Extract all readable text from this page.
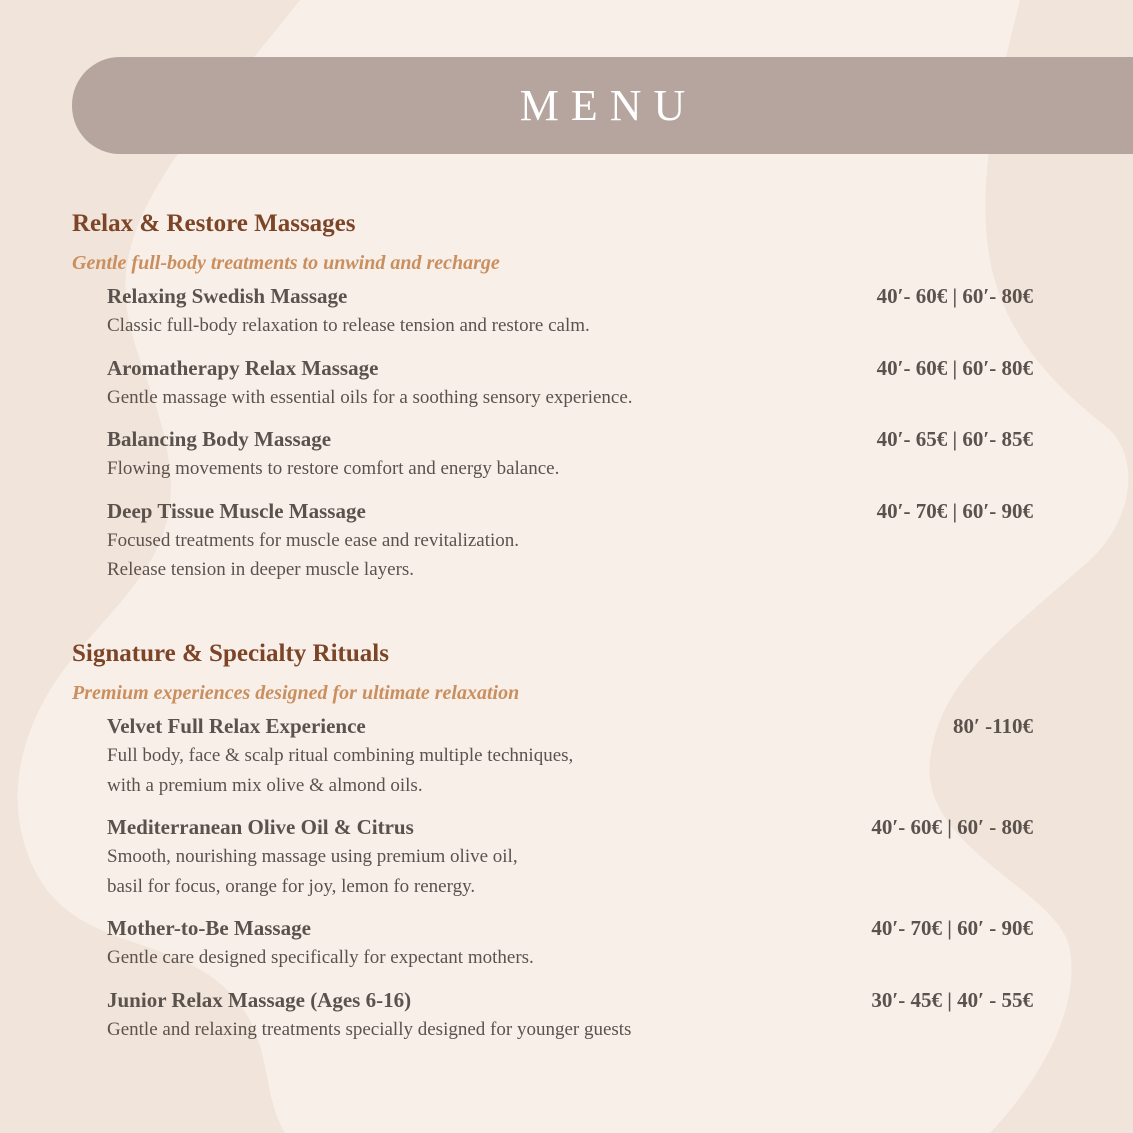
MENU
Relax & Restore Massages
Gentle full-body treatments to unwind and recharge
Relaxing Swedish Massage	40′- 60€ | 60′- 80€
Classic full-body relaxation to release tension and restore calm.
Aromatherapy Relax Massage	40′- 60€ | 60′- 80€
Gentle massage with essential oils for a soothing sensory experience.
Balancing Body Massage	40′- 65€ | 60′- 85€
Flowing movements to restore comfort and energy balance.
Deep Tissue Muscle Massage	40′- 70€ | 60′- 90€
Focused treatments for muscle ease and revitalization.
Release tension in deeper muscle layers.
Signature & Specialty Rituals
Premium experiences designed for ultimate relaxation
Velvet Full Relax Experience	80′ -110€
Full body, face & scalp ritual combining multiple techniques,
with a premium mix olive & almond oils.
Mediterranean Olive Oil & Citrus	40′- 60€ | 60′ - 80€
Smooth, nourishing massage using premium olive oil,
basil for focus, orange for joy, lemon fo renergy.
Mother-to-Be Massage	40′- 70€ | 60′ - 90€
Gentle care designed specifically for expectant mothers.
Junior Relax Massage (Ages 6-16)	30′- 45€ | 40′ - 55€
Gentle and relaxing treatments specially designed for younger guests
